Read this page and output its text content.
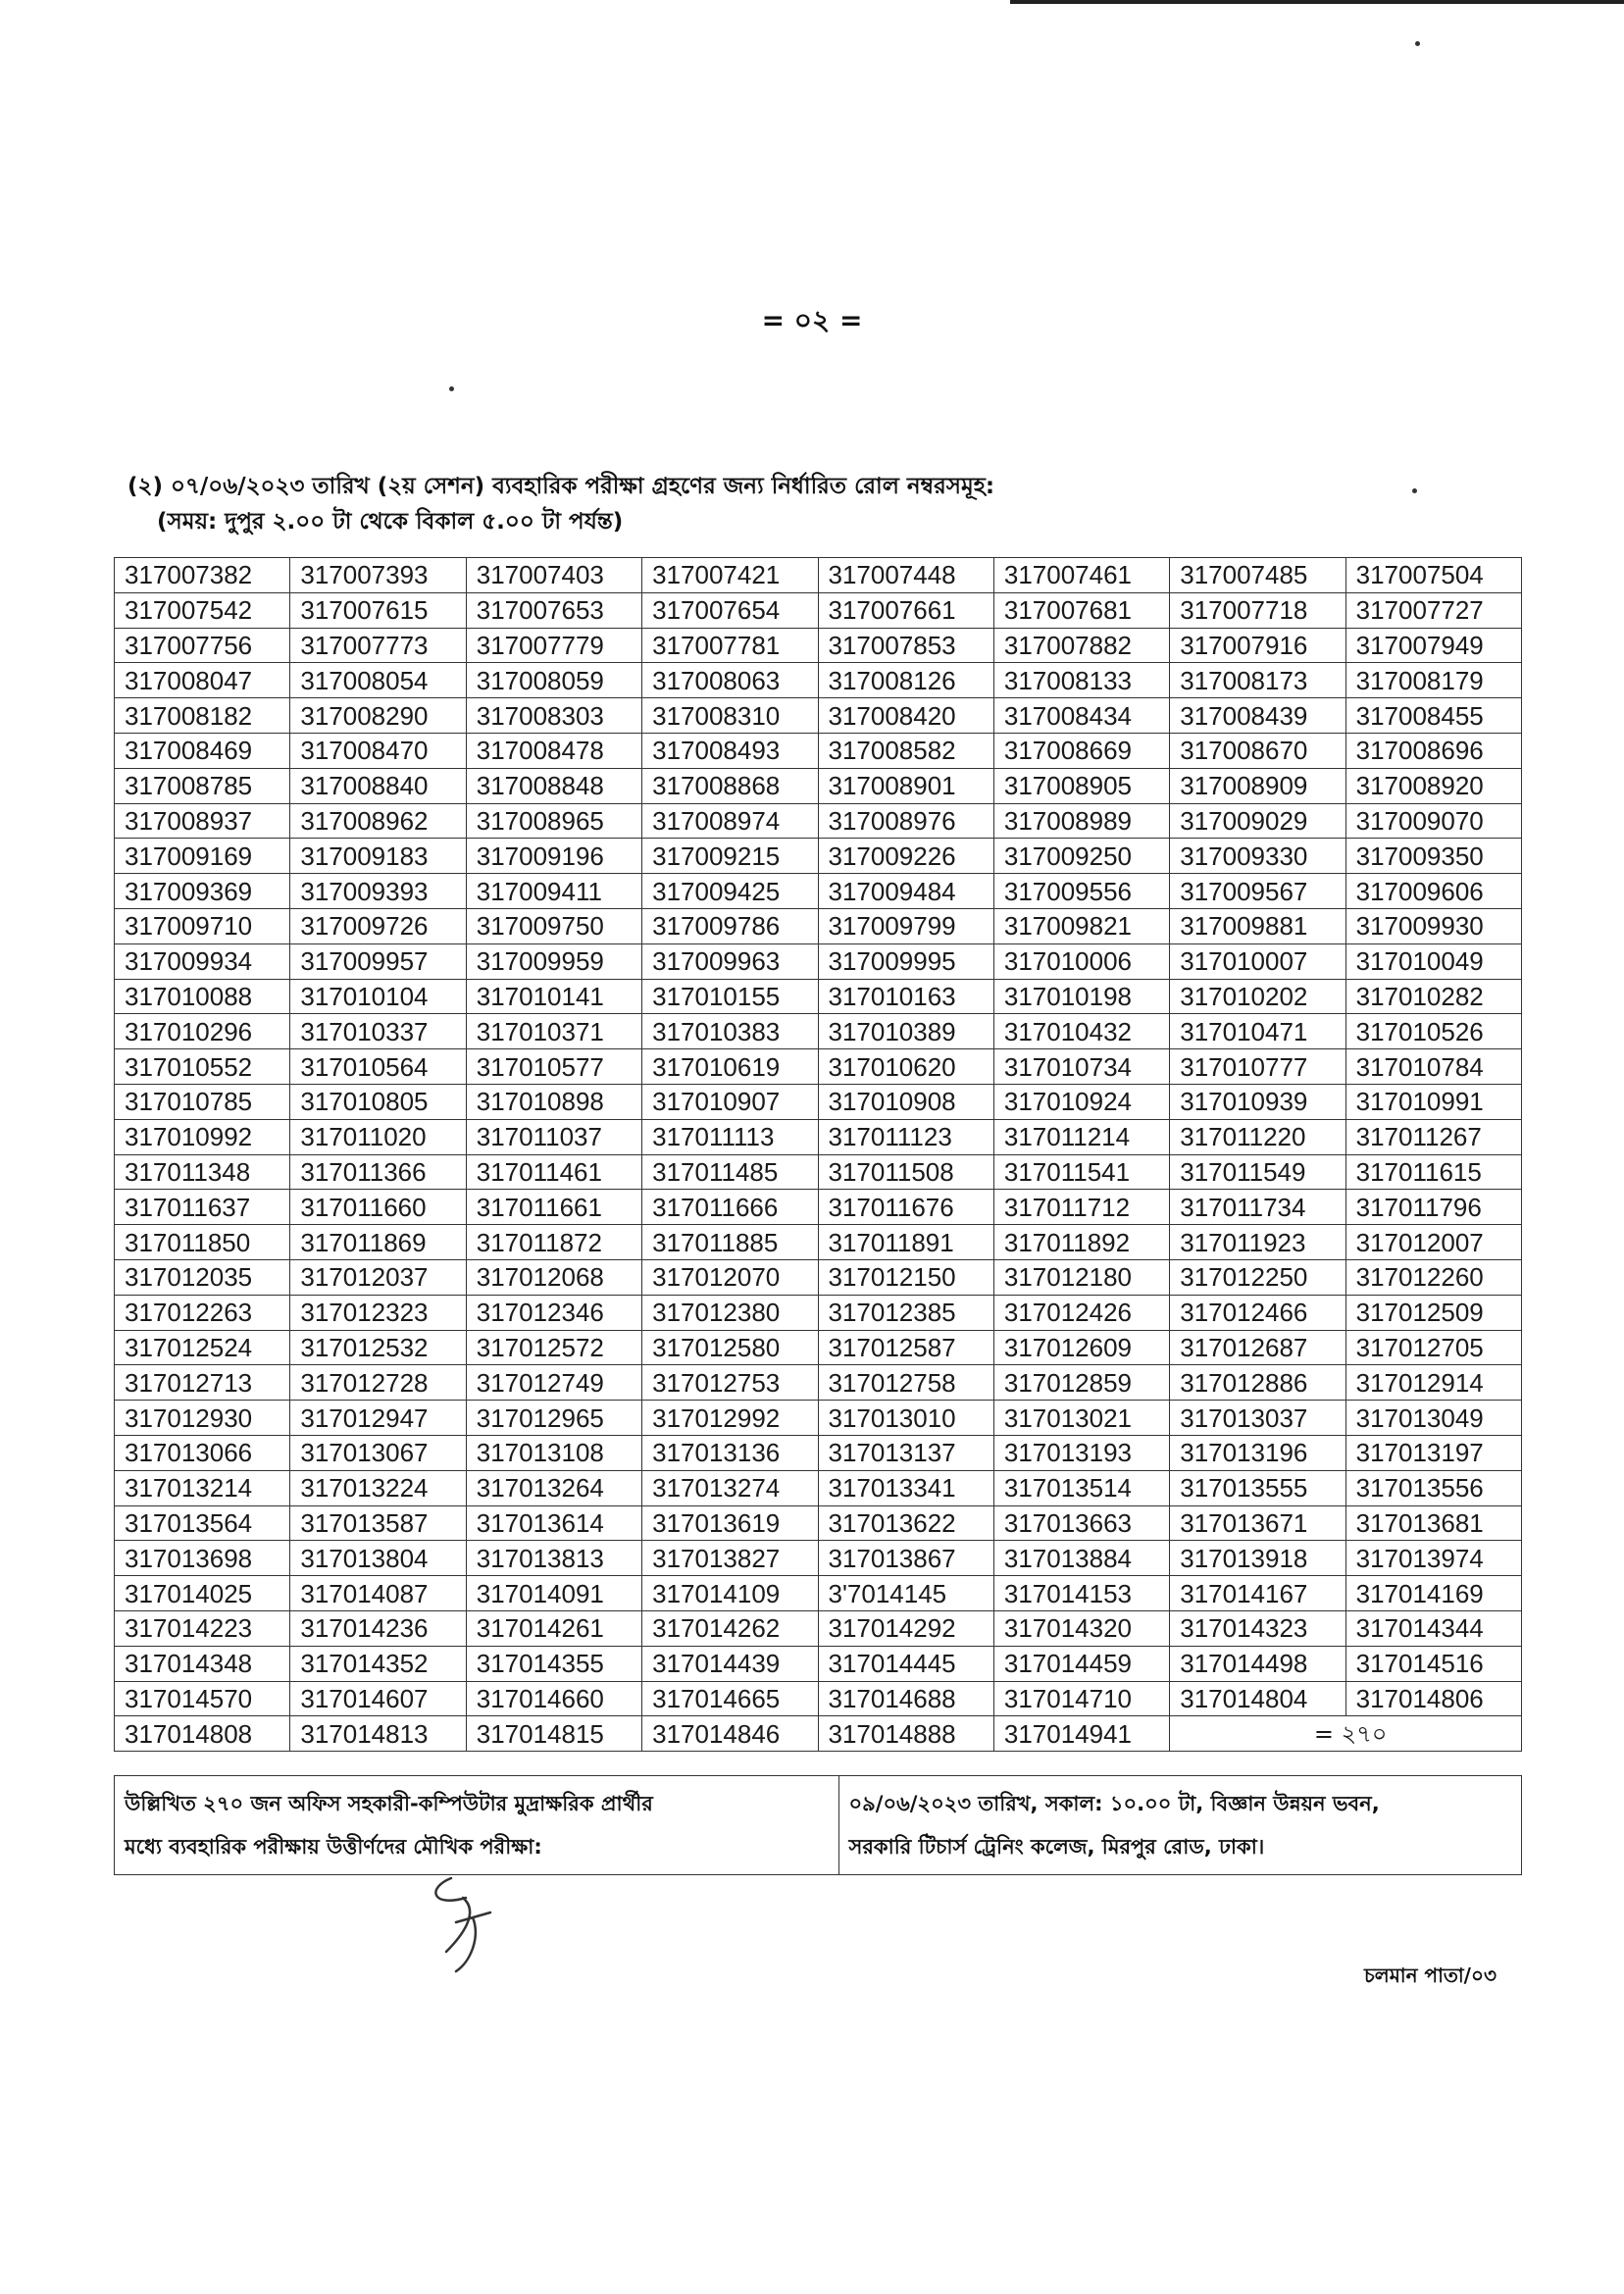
= ০২ =
(২) ০৭/০৬/২০২৩ তারিখ (২য় সেশন) ব্যবহারিক পরীক্ষা গ্রহণের জন্য নির্ধারিত রোল নম্বরসমূহ:
(সময়: দুপুর ২.০০ টা থেকে বিকাল ৫.০০ টা পর্যন্ত)
317007382	317007393	317007403	317007421	317007448	317007461	317007485	317007504
317007542	317007615	317007653	317007654	317007661	317007681	317007718	317007727
317007756	317007773	317007779	317007781	317007853	317007882	317007916	317007949
317008047	317008054	317008059	317008063	317008126	317008133	317008173	317008179
317008182	317008290	317008303	317008310	317008420	317008434	317008439	317008455
317008469	317008470	317008478	317008493	317008582	317008669	317008670	317008696
317008785	317008840	317008848	317008868	317008901	317008905	317008909	317008920
317008937	317008962	317008965	317008974	317008976	317008989	317009029	317009070
317009169	317009183	317009196	317009215	317009226	317009250	317009330	317009350
317009369	317009393	317009411	317009425	317009484	317009556	317009567	317009606
317009710	317009726	317009750	317009786	317009799	317009821	317009881	317009930
317009934	317009957	317009959	317009963	317009995	317010006	317010007	317010049
317010088	317010104	317010141	317010155	317010163	317010198	317010202	317010282
317010296	317010337	317010371	317010383	317010389	317010432	317010471	317010526
317010552	317010564	317010577	317010619	317010620	317010734	317010777	317010784
317010785	317010805	317010898	317010907	317010908	317010924	317010939	317010991
317010992	317011020	317011037	317011113	317011123	317011214	317011220	317011267
317011348	317011366	317011461	317011485	317011508	317011541	317011549	317011615
317011637	317011660	317011661	317011666	317011676	317011712	317011734	317011796
317011850	317011869	317011872	317011885	317011891	317011892	317011923	317012007
317012035	317012037	317012068	317012070	317012150	317012180	317012250	317012260
317012263	317012323	317012346	317012380	317012385	317012426	317012466	317012509
317012524	317012532	317012572	317012580	317012587	317012609	317012687	317012705
317012713	317012728	317012749	317012753	317012758	317012859	317012886	317012914
317012930	317012947	317012965	317012992	317013010	317013021	317013037	317013049
317013066	317013067	317013108	317013136	317013137	317013193	317013196	317013197
317013214	317013224	317013264	317013274	317013341	317013514	317013555	317013556
317013564	317013587	317013614	317013619	317013622	317013663	317013671	317013681
317013698	317013804	317013813	317013827	317013867	317013884	317013918	317013974
317014025	317014087	317014091	317014109	3'7014145	317014153	317014167	317014169
317014223	317014236	317014261	317014262	317014292	317014320	317014323	317014344
317014348	317014352	317014355	317014439	317014445	317014459	317014498	317014516
317014570	317014607	317014660	317014665	317014688	317014710	317014804	317014806
317014808	317014813	317014815	317014846	317014888	317014941	= ২৭০	
উল্লিখিত ২৭০ জন অফিস সহকারী-কম্পিউটার মুদ্রাক্ষরিক প্রার্থীর
মধ্যে ব্যবহারিক পরীক্ষায় উত্তীর্ণদের মৌখিক পরীক্ষা:

০৯/০৬/২০২৩ তারিখ, সকাল: ১০.০০ টা, বিজ্ঞান উন্নয়ন ভবন,
সরকারি টিচার্স ট্রেনিং কলেজ, মিরপুর রোড, ঢাকা।
চলমান পাতা/০৩
